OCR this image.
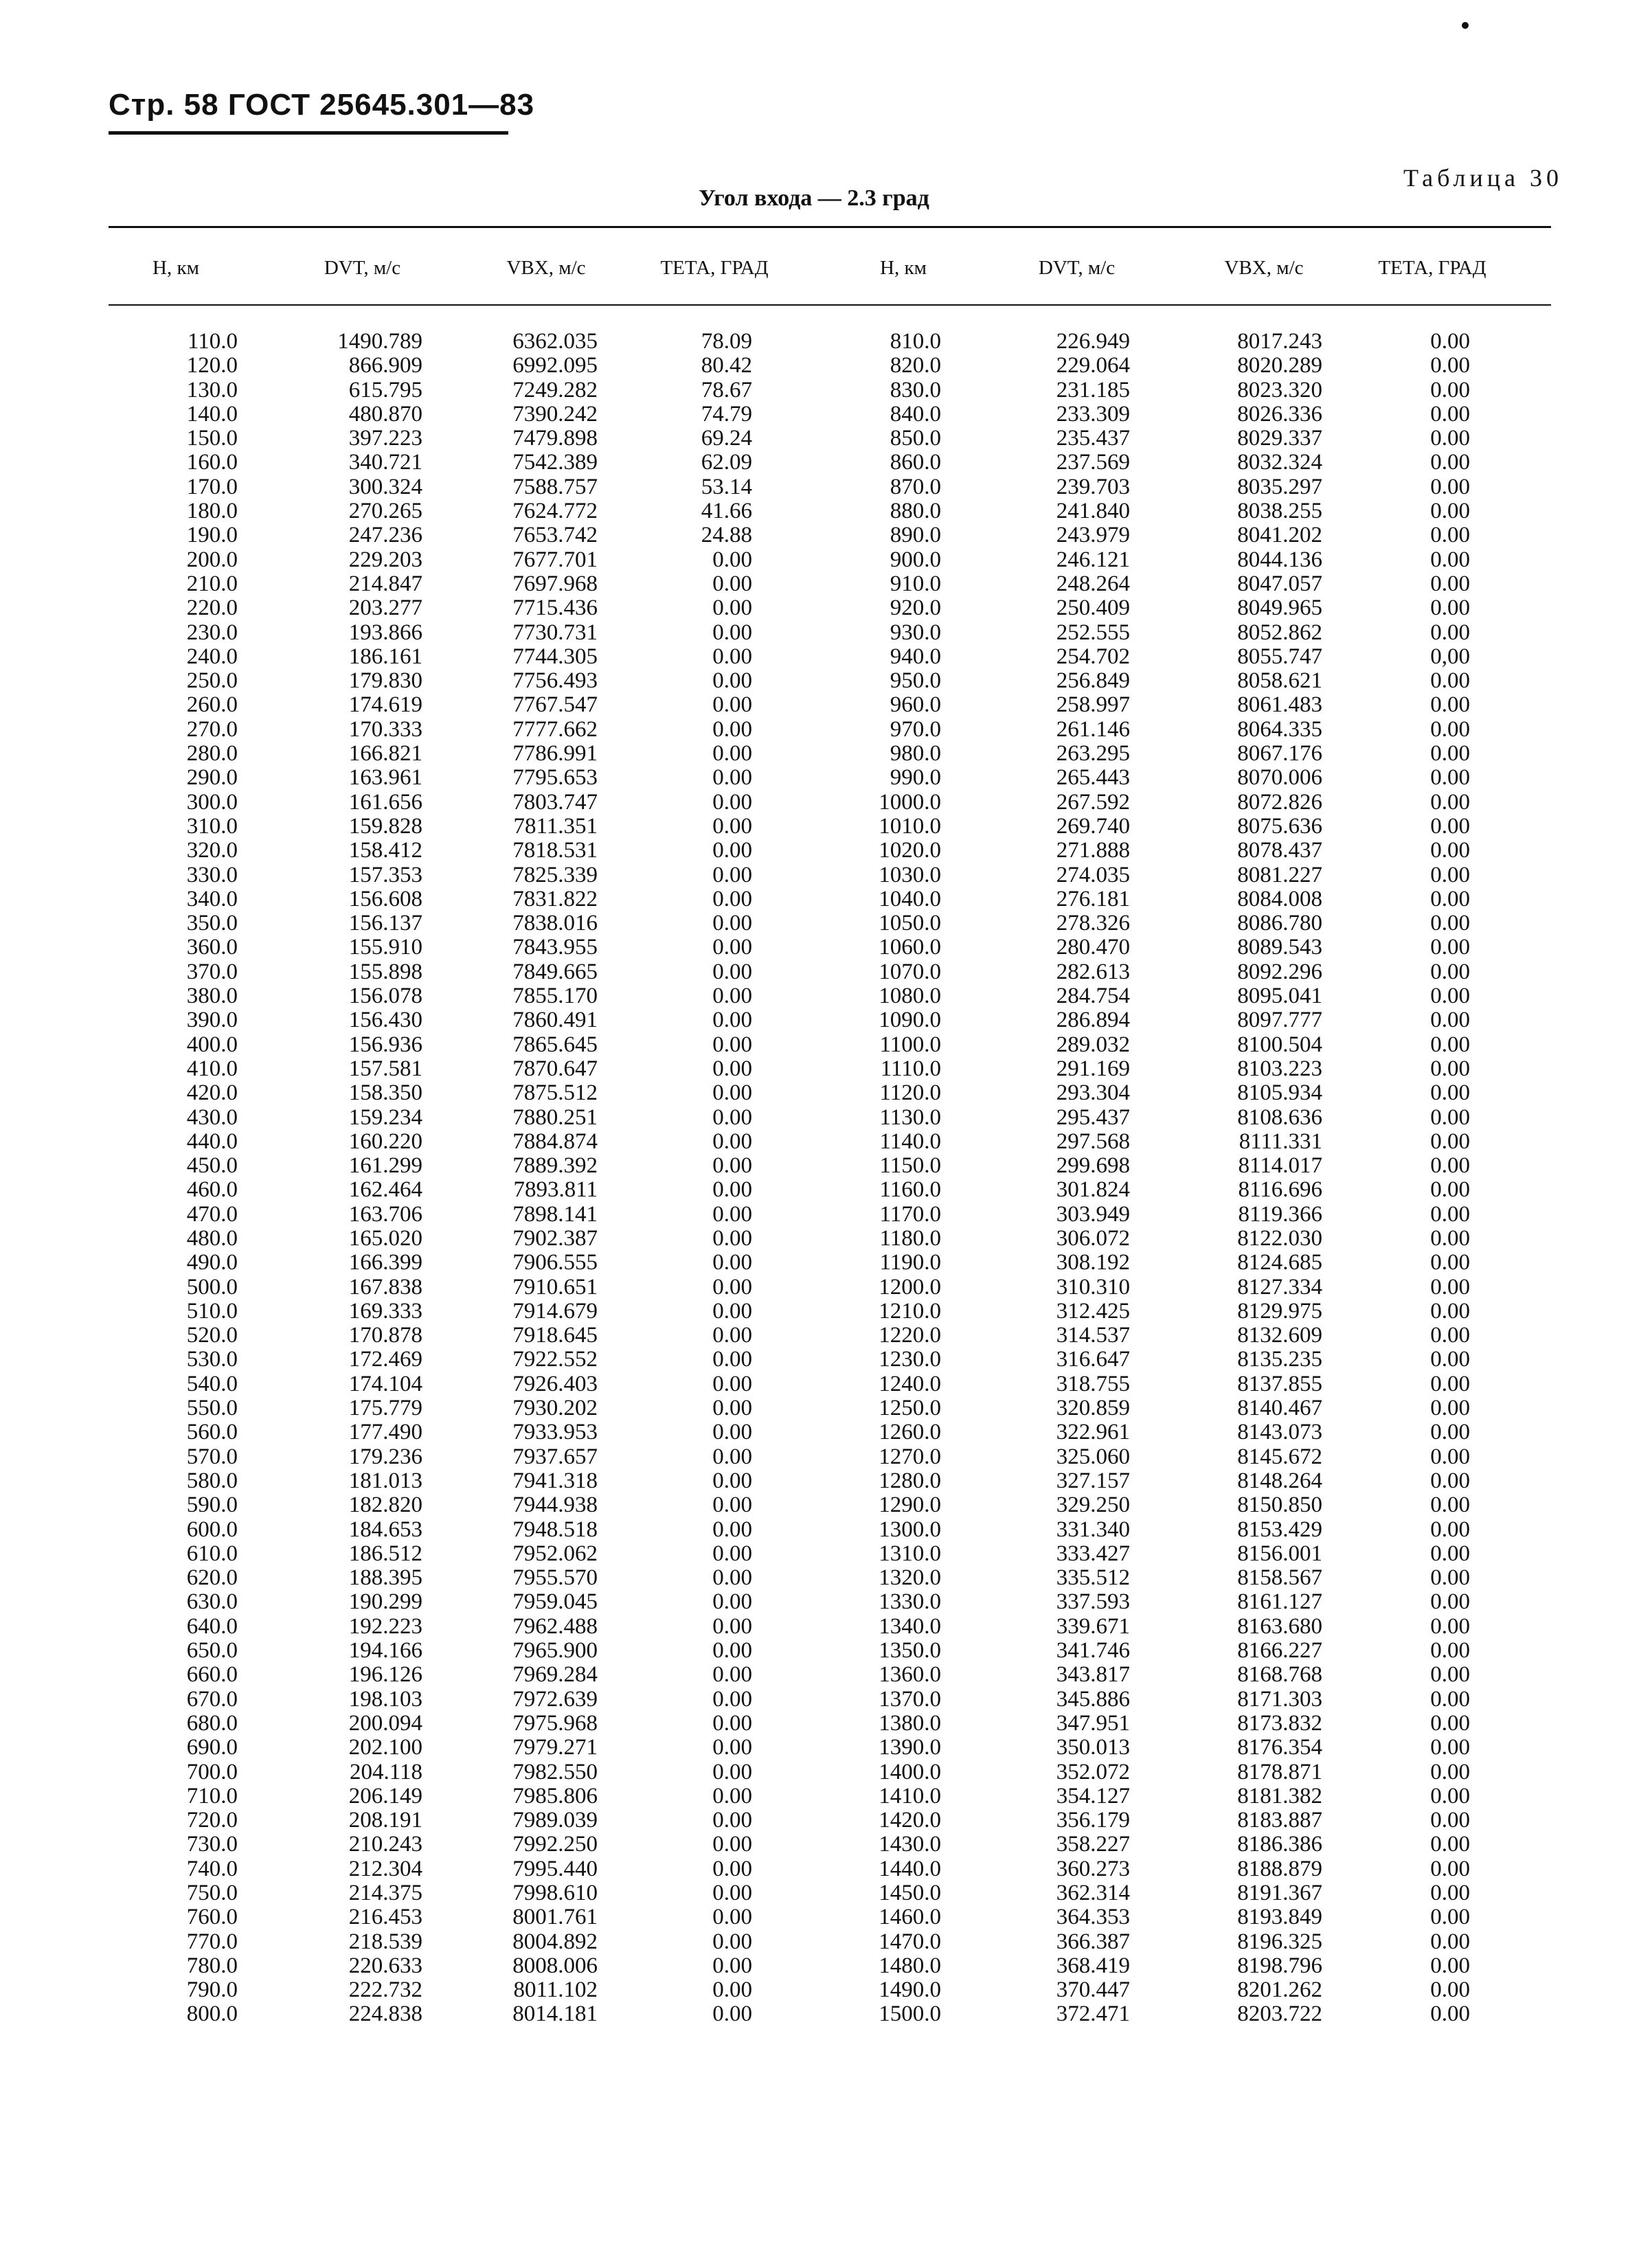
Стр. 58 ГОСТ 25645.301—83
Таблица 30
Угол входа — 2.3 град
Н, км	DVT, м/с	VBX, м/с	ТЕТА, ГРАД	Н, км	DVT, м/с	VBX, м/с	ТЕТА, ГРАД
110.0	1490.789	6362.035	78.09	810.0	226.949	8017.243	0.00
120.0	866.909	6992.095	80.42	820.0	229.064	8020.289	0.00
130.0	615.795	7249.282	78.67	830.0	231.185	8023.320	0.00
140.0	480.870	7390.242	74.79	840.0	233.309	8026.336	0.00
150.0	397.223	7479.898	69.24	850.0	235.437	8029.337	0.00
160.0	340.721	7542.389	62.09	860.0	237.569	8032.324	0.00
170.0	300.324	7588.757	53.14	870.0	239.703	8035.297	0.00
180.0	270.265	7624.772	41.66	880.0	241.840	8038.255	0.00
190.0	247.236	7653.742	24.88	890.0	243.979	8041.202	0.00
200.0	229.203	7677.701	0.00	900.0	246.121	8044.136	0.00
210.0	214.847	7697.968	0.00	910.0	248.264	8047.057	0.00
220.0	203.277	7715.436	0.00	920.0	250.409	8049.965	0.00
230.0	193.866	7730.731	0.00	930.0	252.555	8052.862	0.00
240.0	186.161	7744.305	0.00	940.0	254.702	8055.747	0,00
250.0	179.830	7756.493	0.00	950.0	256.849	8058.621	0.00
260.0	174.619	7767.547	0.00	960.0	258.997	8061.483	0.00
270.0	170.333	7777.662	0.00	970.0	261.146	8064.335	0.00
280.0	166.821	7786.991	0.00	980.0	263.295	8067.176	0.00
290.0	163.961	7795.653	0.00	990.0	265.443	8070.006	0.00
300.0	161.656	7803.747	0.00	1000.0	267.592	8072.826	0.00
310.0	159.828	7811.351	0.00	1010.0	269.740	8075.636	0.00
320.0	158.412	7818.531	0.00	1020.0	271.888	8078.437	0.00
330.0	157.353	7825.339	0.00	1030.0	274.035	8081.227	0.00
340.0	156.608	7831.822	0.00	1040.0	276.181	8084.008	0.00
350.0	156.137	7838.016	0.00	1050.0	278.326	8086.780	0.00
360.0	155.910	7843.955	0.00	1060.0	280.470	8089.543	0.00
370.0	155.898	7849.665	0.00	1070.0	282.613	8092.296	0.00
380.0	156.078	7855.170	0.00	1080.0	284.754	8095.041	0.00
390.0	156.430	7860.491	0.00	1090.0	286.894	8097.777	0.00
400.0	156.936	7865.645	0.00	1100.0	289.032	8100.504	0.00
410.0	157.581	7870.647	0.00	1110.0	291.169	8103.223	0.00
420.0	158.350	7875.512	0.00	1120.0	293.304	8105.934	0.00
430.0	159.234	7880.251	0.00	1130.0	295.437	8108.636	0.00
440.0	160.220	7884.874	0.00	1140.0	297.568	8111.331	0.00
450.0	161.299	7889.392	0.00	1150.0	299.698	8114.017	0.00
460.0	162.464	7893.811	0.00	1160.0	301.824	8116.696	0.00
470.0	163.706	7898.141	0.00	1170.0	303.949	8119.366	0.00
480.0	165.020	7902.387	0.00	1180.0	306.072	8122.030	0.00
490.0	166.399	7906.555	0.00	1190.0	308.192	8124.685	0.00
500.0	167.838	7910.651	0.00	1200.0	310.310	8127.334	0.00
510.0	169.333	7914.679	0.00	1210.0	312.425	8129.975	0.00
520.0	170.878	7918.645	0.00	1220.0	314.537	8132.609	0.00
530.0	172.469	7922.552	0.00	1230.0	316.647	8135.235	0.00
540.0	174.104	7926.403	0.00	1240.0	318.755	8137.855	0.00
550.0	175.779	7930.202	0.00	1250.0	320.859	8140.467	0.00
560.0	177.490	7933.953	0.00	1260.0	322.961	8143.073	0.00
570.0	179.236	7937.657	0.00	1270.0	325.060	8145.672	0.00
580.0	181.013	7941.318	0.00	1280.0	327.157	8148.264	0.00
590.0	182.820	7944.938	0.00	1290.0	329.250	8150.850	0.00
600.0	184.653	7948.518	0.00	1300.0	331.340	8153.429	0.00
610.0	186.512	7952.062	0.00	1310.0	333.427	8156.001	0.00
620.0	188.395	7955.570	0.00	1320.0	335.512	8158.567	0.00
630.0	190.299	7959.045	0.00	1330.0	337.593	8161.127	0.00
640.0	192.223	7962.488	0.00	1340.0	339.671	8163.680	0.00
650.0	194.166	7965.900	0.00	1350.0	341.746	8166.227	0.00
660.0	196.126	7969.284	0.00	1360.0	343.817	8168.768	0.00
670.0	198.103	7972.639	0.00	1370.0	345.886	8171.303	0.00
680.0	200.094	7975.968	0.00	1380.0	347.951	8173.832	0.00
690.0	202.100	7979.271	0.00	1390.0	350.013	8176.354	0.00
700.0	204.118	7982.550	0.00	1400.0	352.072	8178.871	0.00
710.0	206.149	7985.806	0.00	1410.0	354.127	8181.382	0.00
720.0	208.191	7989.039	0.00	1420.0	356.179	8183.887	0.00
730.0	210.243	7992.250	0.00	1430.0	358.227	8186.386	0.00
740.0	212.304	7995.440	0.00	1440.0	360.273	8188.879	0.00
750.0	214.375	7998.610	0.00	1450.0	362.314	8191.367	0.00
760.0	216.453	8001.761	0.00	1460.0	364.353	8193.849	0.00
770.0	218.539	8004.892	0.00	1470.0	366.387	8196.325	0.00
780.0	220.633	8008.006	0.00	1480.0	368.419	8198.796	0.00
790.0	222.732	8011.102	0.00	1490.0	370.447	8201.262	0.00
800.0	224.838	8014.181	0.00	1500.0	372.471	8203.722	0.00
